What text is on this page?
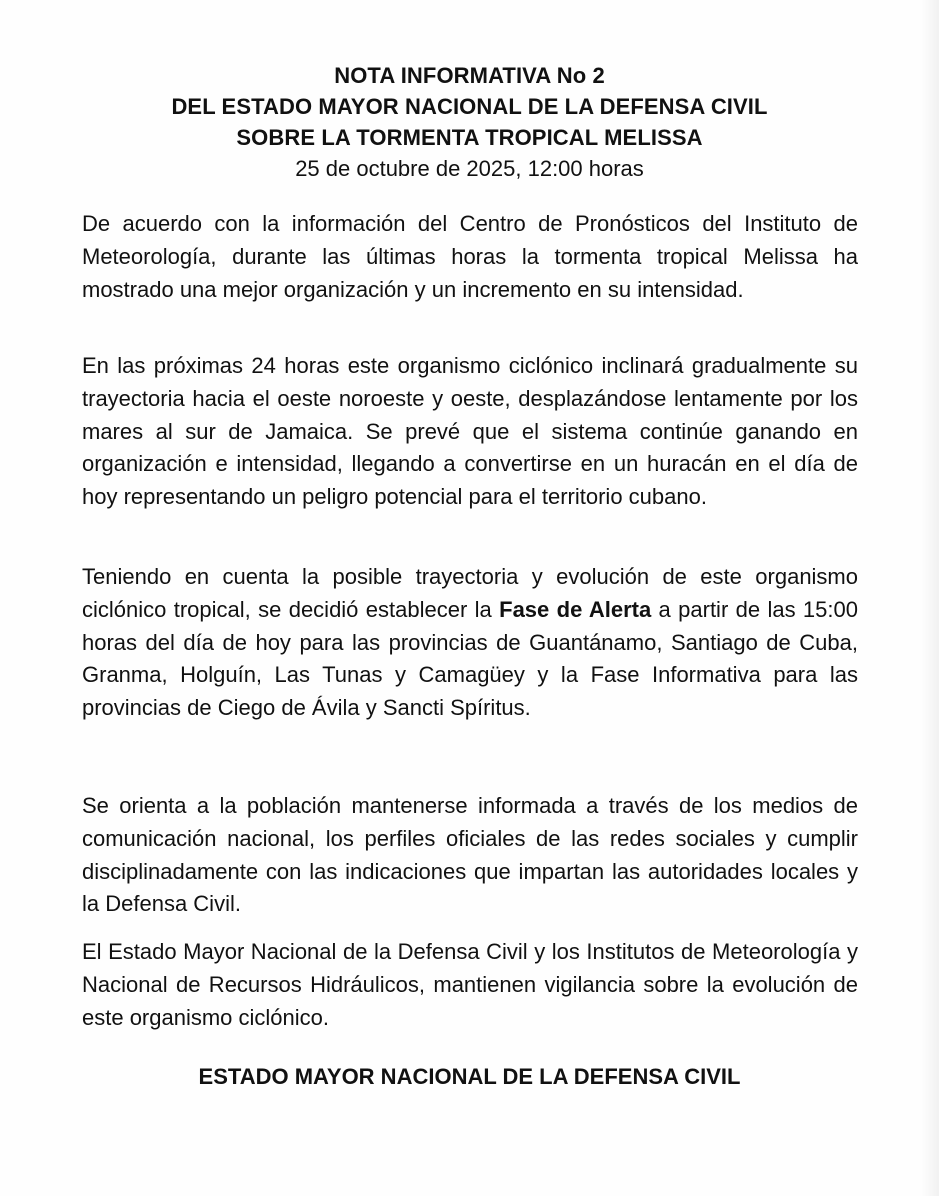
NOTA INFORMATIVA No 2
DEL ESTADO MAYOR NACIONAL DE LA DEFENSA CIVIL
SOBRE LA TORMENTA TROPICAL MELISSA
25 de octubre de 2025, 12:00 horas

De acuerdo con la información del Centro de Pronósticos del Instituto de Meteorología, durante las últimas horas la tormenta tropical Melissa ha mostrado una mejor organización y un incremento en su intensidad.

En las próximas 24 horas este organismo ciclónico inclinará gradualmente su trayectoria hacia el oeste noroeste y oeste, desplazándose lentamente por los mares al sur de Jamaica. Se prevé que el sistema continúe ganando en organización e intensidad, llegando a convertirse en un huracán en el día de hoy representando un peligro potencial para el territorio cubano.

Teniendo en cuenta la posible trayectoria y evolución de este organismo ciclónico tropical, se decidió establecer la Fase de Alerta a partir de las 15:00 horas del día de hoy para las provincias de Guantánamo, Santiago de Cuba, Granma, Holguín, Las Tunas y Camagüey y la Fase Informativa para las provincias de Ciego de Ávila y Sancti Spíritus.

Se orienta a la población mantenerse informada a través de los medios de comunicación nacional, los perfiles oficiales de las redes sociales y cumplir disciplinadamente con las indicaciones que impartan las autoridades locales y la Defensa Civil.

El Estado Mayor Nacional de la Defensa Civil y los Institutos de Meteorología y Nacional de Recursos Hidráulicos, mantienen vigilancia sobre la evolución de este organismo ciclónico.

ESTADO MAYOR NACIONAL DE LA DEFENSA CIVIL
